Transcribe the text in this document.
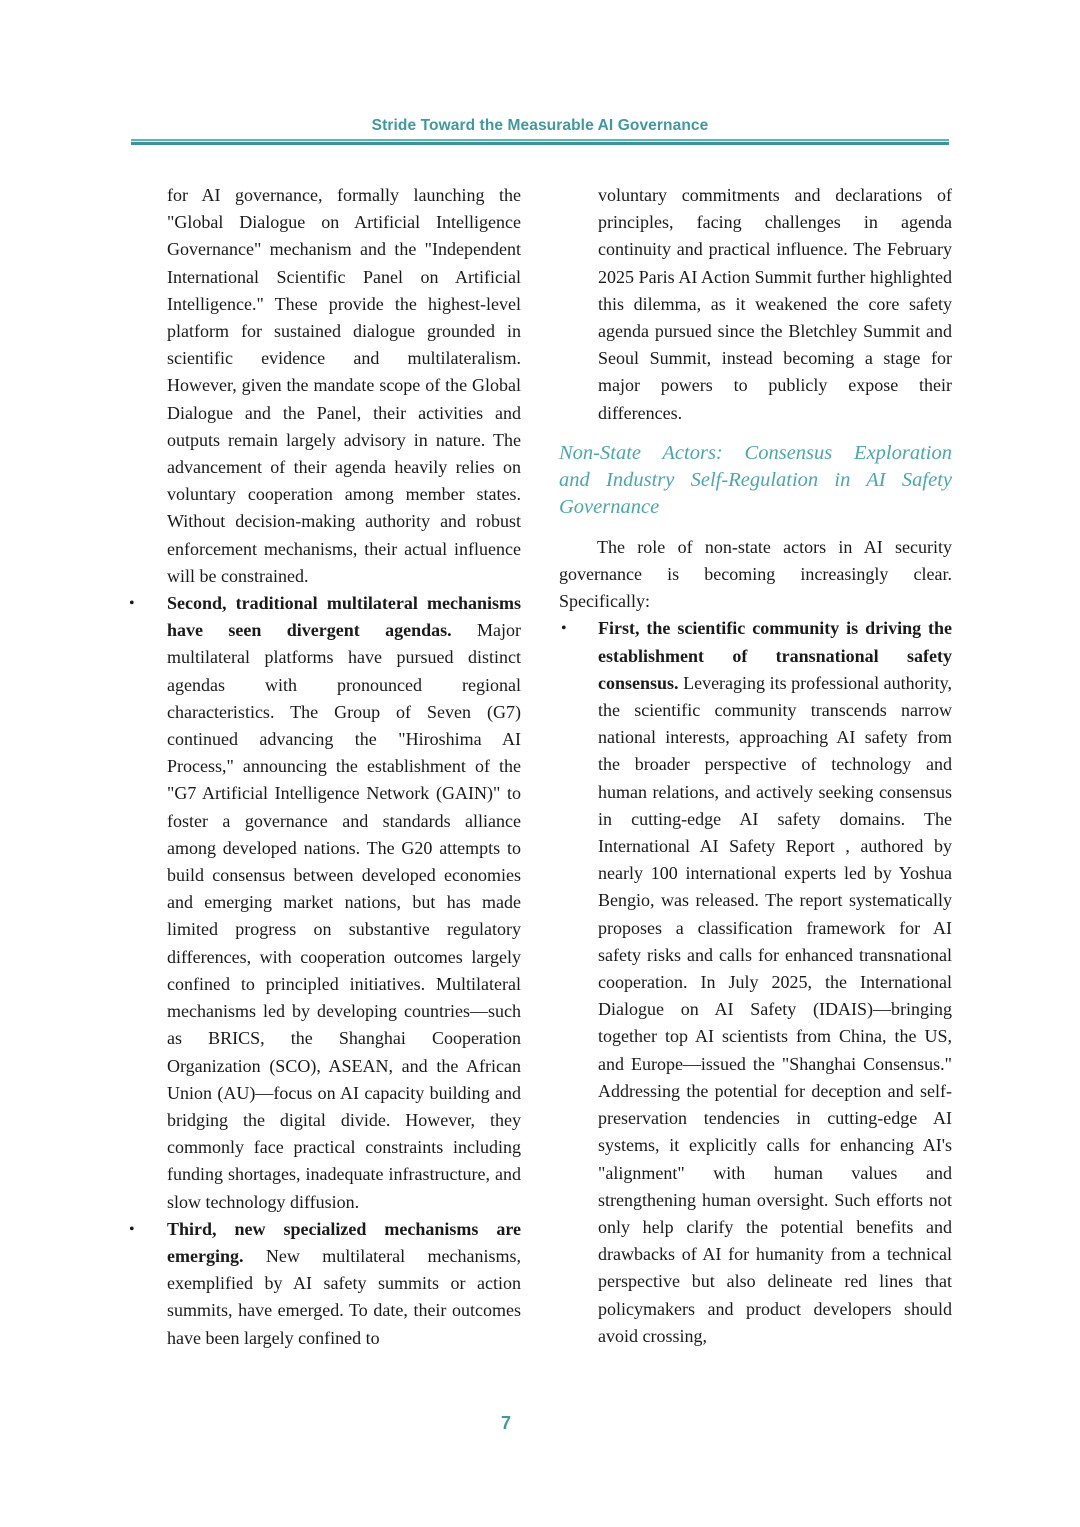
Stride Toward the Measurable AI Governance

for AI governance, formally launching the "Global Dialogue on Artificial Intelligence Governance" mechanism and the "Independent International Scientific Panel on Artificial Intelligence." These provide the highest-level platform for sustained dialogue grounded in scientific evidence and multilateralism. However, given the mandate scope of the Global Dialogue and the Panel, their activities and outputs remain largely advisory in nature. The advancement of their agenda heavily relies on voluntary cooperation among member states. Without decision-making authority and robust enforcement mechanisms, their actual influence will be constrained.

• Second, traditional multilateral mechanisms have seen divergent agendas. Major multilateral platforms have pursued distinct agendas with pronounced regional characteristics. The Group of Seven (G7) continued advancing the "Hiroshima AI Process," announcing the establishment of the "G7 Artificial Intelligence Network (GAIN)" to foster a governance and standards alliance among developed nations. The G20 attempts to build consensus between developed economies and emerging market nations, but has made limited progress on substantive regulatory differences, with cooperation outcomes largely confined to principled initiatives. Multilateral mechanisms led by developing countries—such as BRICS, the Shanghai Cooperation Organization (SCO), ASEAN, and the African Union (AU)—focus on AI capacity building and bridging the digital divide. However, they commonly face practical constraints including funding shortages, inadequate infrastructure, and slow technology diffusion.
• Third, new specialized mechanisms are emerging. New multilateral mechanisms, exemplified by AI safety summits or action summits, have emerged. To date, their outcomes have been largely confined to

voluntary commitments and declarations of principles, facing challenges in agenda continuity and practical influence. The February 2025 Paris AI Action Summit further highlighted this dilemma, as it weakened the core safety agenda pursued since the Bletchley Summit and Seoul Summit, instead becoming a stage for major powers to publicly expose their differences.

Non-State Actors: Consensus Exploration and Industry Self-Regulation in AI Safety Governance

The role of non-state actors in AI security governance is becoming increasingly clear. Specifically:

• First, the scientific community is driving the establishment of transnational safety consensus. Leveraging its professional authority, the scientific community transcends narrow national interests, approaching AI safety from the broader perspective of technology and human relations, and actively seeking consensus in cutting-edge AI safety domains. The International AI Safety Report , authored by nearly 100 international experts led by Yoshua Bengio, was released. The report systematically proposes a classification framework for AI safety risks and calls for enhanced transnational cooperation. In July 2025, the International Dialogue on AI Safety (IDAIS)—bringing together top AI scientists from China, the US, and Europe—issued the "Shanghai Consensus." Addressing the potential for deception and self-preservation tendencies in cutting-edge AI systems, it explicitly calls for enhancing AI's "alignment" with human values and strengthening human oversight. Such efforts not only help clarify the potential benefits and drawbacks of AI for humanity from a technical perspective but also delineate red lines that policymakers and product developers should avoid crossing,
7
